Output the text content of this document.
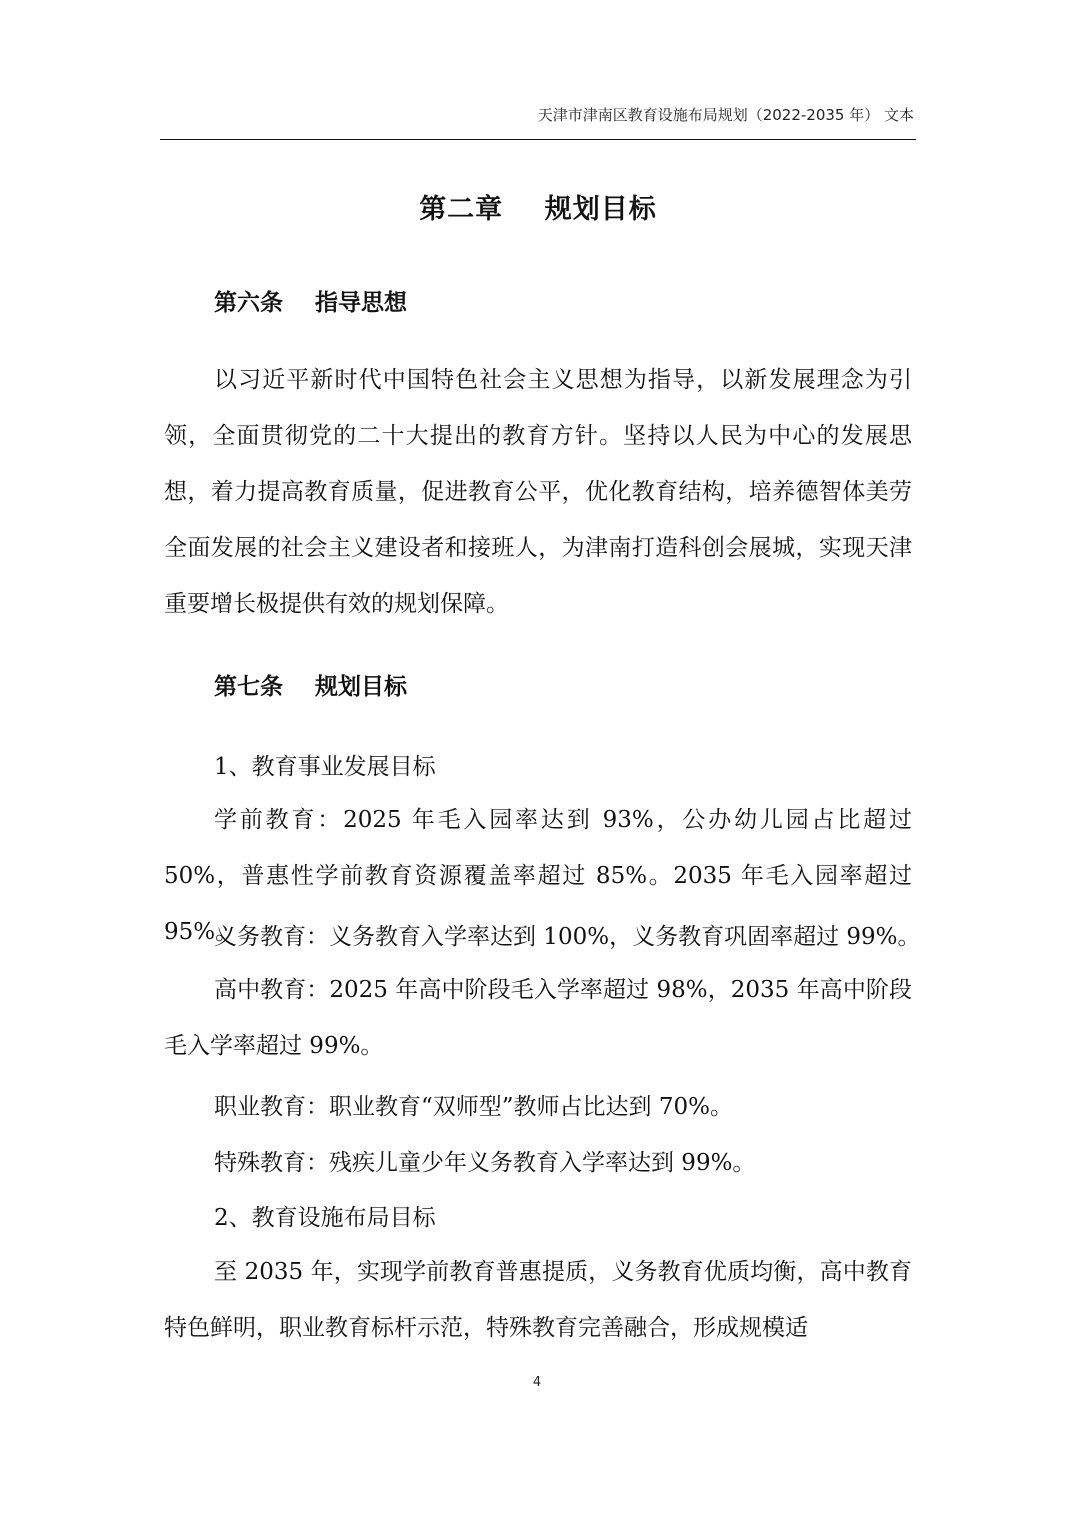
天津市津南区教育设施布局规划（2022-2035 年） 文本
第二章    规划目标
第六条    指导思想

以习近平新时代中国特色社会主义思想为指导，以新发展理念为引领，全面贯彻党的二十大提出的教育方针。坚持以人民为中心的发展思想，着力提高教育质量，促进教育公平，优化教育结构，培养德智体美劳全面发展的社会主义建设者和接班人，为津南打造科创会展城，实现天津重要增长极提供有效的规划保障。

第七条    规划目标
1、教育事业发展目标

学前教育：2025 年毛入园率达到 93%，公办幼儿园占比超过 50%，普惠性学前教育资源覆盖率超过 85%。2035 年毛入园率超过 95%。

义务教育：义务教育入学率达到 100%，义务教育巩固率超过 99%。

高中教育：2025 年高中阶段毛入学率超过 98%，2035 年高中阶段毛入学率超过 99%。

职业教育：职业教育“双师型”教师占比达到 70%。
特殊教育：残疾儿童少年义务教育入学率达到 99%。
2、教育设施布局目标

至 2035 年，实现学前教育普惠提质，义务教育优质均衡，高中教育特色鲜明，职业教育标杆示范，特殊教育完善融合，形成规模适

4
